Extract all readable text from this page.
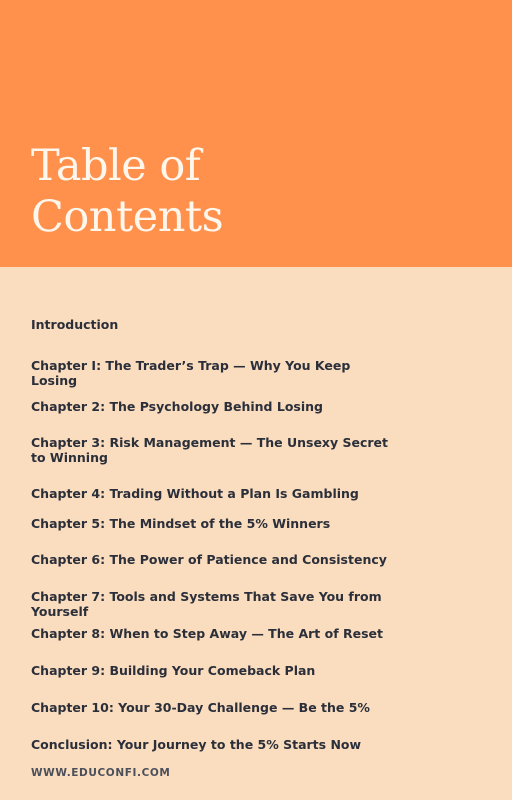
Table of Contents
Introduction
Chapter I: The Trader’s Trap — Why You Keep Losing
Chapter 2: The Psychology Behind Losing
Chapter 3: Risk Management — The Unsexy Secret to Winning
Chapter 4: Trading Without a Plan Is Gambling
Chapter 5: The Mindset of the 5% Winners
Chapter 6: The Power of Patience and Consistency
Chapter 7: Tools and Systems That Save You from Yourself
Chapter 8: When to Step Away — The Art of Reset
Chapter 9: Building Your Comeback Plan
Chapter 10: Your 30-Day Challenge — Be the 5%
Conclusion: Your Journey to the 5% Starts Now
WWW.EDUCONFI.COM
